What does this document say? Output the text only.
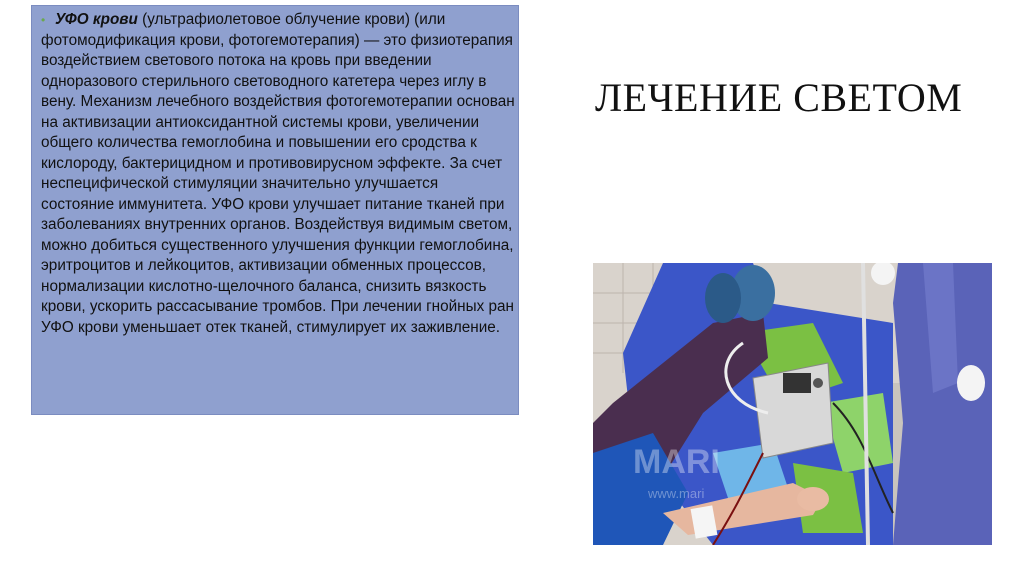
• УФО крови (ультрафиолетовое облучение крови) (или фотомодификация крови, фотогемотерапия) — это физиотерапия воздействием светового потока на кровь при введении одноразового стерильного световодного катетера через иглу в вену. Механизм лечебного воздействия фотогемотерапии основан на активизации антиоксидантной системы крови, увеличении общего количества гемоглобина и повышении его сродства к кислороду, бактерицидном и противовирусном эффекте. За счет неспецифической стимуляции значительно улучшается состояние иммунитета. УФО крови улучшает питание тканей при заболеваниях внутренних органов. Воздействуя видимым светом, можно добиться существенного улучшения функции гемоглобина, эритроцитов и лейкоцитов, активизации обменных процессов, нормализации кислотно-щелочного баланса, снизить вязкость крови, ускорить рассасывание тромбов. При лечении гнойных ран УФО крови уменьшает отек тканей, стимулирует их заживление.
ЛЕЧЕНИЕ СВЕТОМ
MARI
www.mari
